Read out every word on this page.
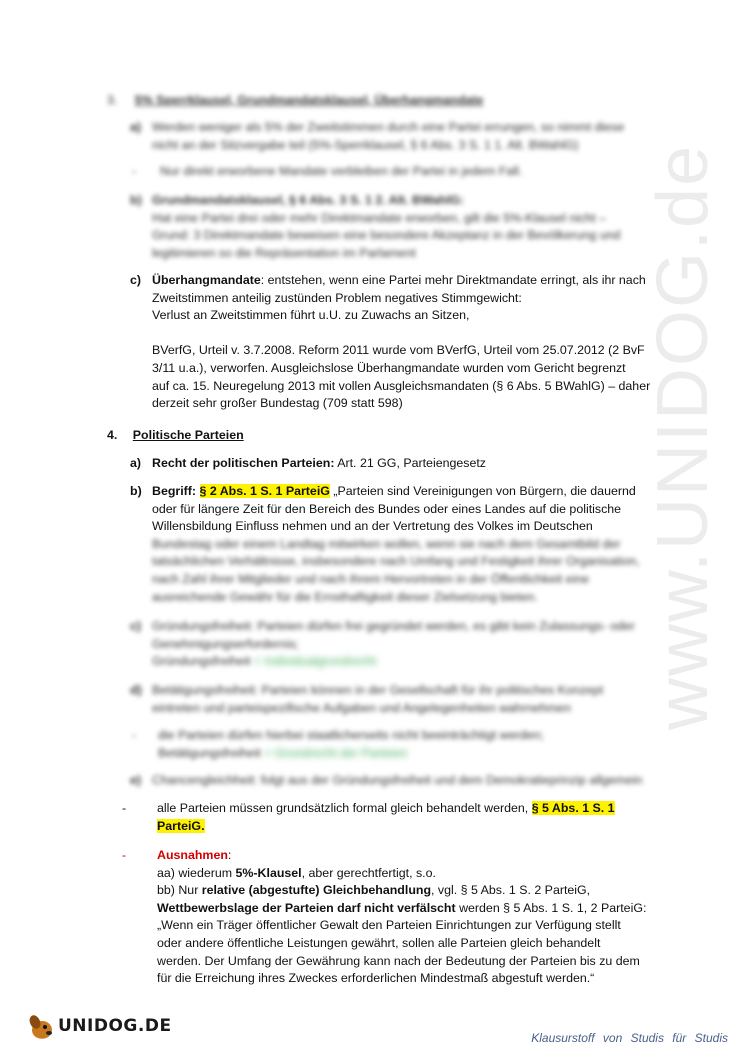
www.UNIDOG.de
3. 5% Sperrklausel, Grundmandatsklausel, Überhangmandate
a) Werden weniger als 5% der Zweitstimmen durch eine Partei errungen, so nimmt diese
nicht an der Sitzvergabe teil (5%-Sperrklausel, § 6 Abs. 3 S. 1 1. Alt. BWahlG)
- Nur direkt erworbene Mandate verbleiben der Partei in jedem Fall.
b) Grundmandatsklausel, § 6 Abs. 3 S. 1 2. Alt. BWahlG:
Hat eine Partei drei oder mehr Direktmandate erworben, gilt die 5%-Klausel nicht –
Grund: 3 Direktmandate beweisen eine besondere Akzeptanz in der Bevölkerung und
legitimieren so die Repräsentation im Parlament
c) Überhangmandate: entstehen, wenn eine Partei mehr Direktmandate erringt, als ihr nach
Zweitstimmen anteilig zustünden Problem negatives Stimmgewicht:
Verlust an Zweitstimmen führt u.U. zu Zuwachs an Sitzen,
BVerfG, Urteil v. 3.7.2008. Reform 2011 wurde vom BVerfG, Urteil vom 25.07.2012 (2 BvF
3/11 u.a.), verworfen. Ausgleichslose Überhangmandate wurden vom Gericht begrenzt
auf ca. 15. Neuregelung 2013 mit vollen Ausgleichsmandaten (§ 6 Abs. 5 BWahlG) – daher
derzeit sehr großer Bundestag (709 statt 598)
4. Politische Parteien
a) Recht der politischen Parteien: Art. 21 GG, Parteiengesetz
b) Begriff: § 2 Abs. 1 S. 1 ParteiG „Parteien sind Vereinigungen von Bürgern, die dauernd
oder für längere Zeit für den Bereich des Bundes oder eines Landes auf die politische
Willensbildung Einfluss nehmen und an der Vertretung des Volkes im Deutschen
Bundestag oder einem Landtag mitwirken wollen, wenn sie nach dem Gesamtbild der
tatsächlichen Verhältnisse, insbesondere nach Umfang und Festigkeit ihrer Organisation,
nach Zahl ihrer Mitglieder und nach ihrem Hervortreten in der Öffentlichkeit eine
ausreichende Gewähr für die Ernsthaftigkeit dieser Zielsetzung bieten.
c) Gründungsfreiheit: Parteien dürfen frei gegründet werden, es gibt kein Zulassungs- oder
Genehmigungserfordernis;
Gründungsfreiheit = Individualgrundrecht
d) Betätigungsfreiheit: Parteien können in der Gesellschaft für ihr politisches Konzept
eintreten und parteispezifische Aufgaben und Angelegenheiten wahrnehmen
- die Parteien dürfen hierbei staatlicherseits nicht beeinträchtigt werden;
Betätigungsfreiheit = Grundrecht der Parteien
e) Chancengleichheit: folgt aus der Gründungsfreiheit und dem Demokratieprinzip allgemein
- alle Parteien müssen grundsätzlich formal gleich behandelt werden, § 5 Abs. 1 S. 1
ParteiG.
- Ausnahmen:
aa) wiederum 5%-Klausel, aber gerechtfertigt, s.o.
bb) Nur relative (abgestufte) Gleichbehandlung, vgl. § 5 Abs. 1 S. 2 ParteiG,
Wettbewerbslage der Parteien darf nicht verfälscht werden § 5 Abs. 1 S. 1, 2 ParteiG:
„Wenn ein Träger öffentlicher Gewalt den Parteien Einrichtungen zur Verfügung stellt
oder andere öffentliche Leistungen gewährt, sollen alle Parteien gleich behandelt
werden. Der Umfang der Gewährung kann nach der Bedeutung der Parteien bis zu dem
für die Erreichung ihres Zweckes erforderlichen Mindestmaß abgestuft werden.“
UNIDOG.DE
Klausurstoff von Studis für Studis
